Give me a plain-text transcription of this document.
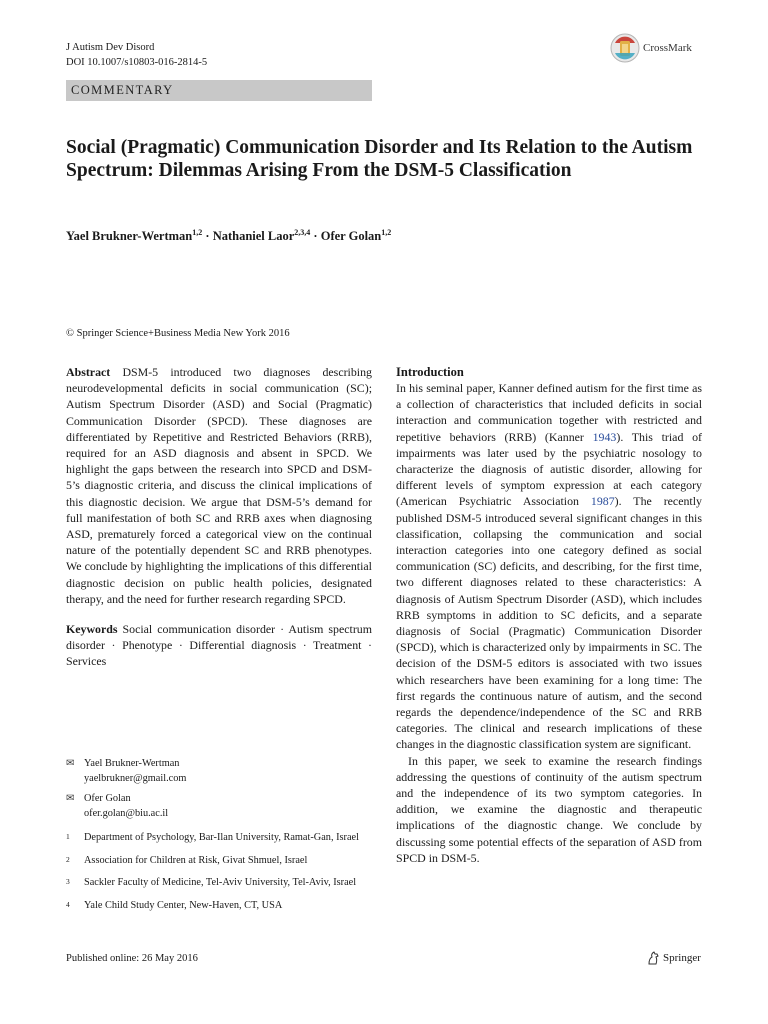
J Autism Dev Disord
DOI 10.1007/s10803-016-2814-5
CrossMark
COMMENTARY
Social (Pragmatic) Communication Disorder and Its Relation to the Autism Spectrum: Dilemmas Arising From the DSM-5 Classification
Yael Brukner-Wertman$^{1,2}$ · Nathaniel Laor$^{2,3,4}$ · Ofer Golan$^{1,2}$
© Springer Science+Business Media New York 2016

Abstract DSM-5 introduced two diagnoses describing neurodevelopmental deficits in social communication (SC); Autism Spectrum Disorder (ASD) and Social (Pragmatic) Communication Disorder (SPCD). These diagnoses are differentiated by Repetitive and Restricted Behaviors (RRB), required for an ASD diagnosis and absent in SPCD. We highlight the gaps between the research into SPCD and DSM-5’s diagnostic criteria, and discuss the clinical implications of this diagnostic decision. We argue that DSM-5’s demand for full manifestation of both SC and RRB axes when diagnosing ASD, prematurely forced a categorical view on the continual nature of the potentially dependent SC and RRB phenotypes. We conclude by highlighting the implications of this differential diagnostic decision on public health policies, designated therapy, and the need for further research regarding SPCD.

Keywords Social communication disorder · Autism spectrum disorder · Phenotype · Differential diagnosis · Treatment · Services

Introduction

In his seminal paper, Kanner defined autism for the first time as a collection of characteristics that included deficits in social interaction and communication together with restricted and repetitive behaviors (RRB) (Kanner 1943). This triad of impairments was later used by the psychiatric nosology to characterize the diagnosis of autistic disorder, allowing for different levels of symptom expression at each category (American Psychiatric Association 1987). The recently published DSM-5 introduced several significant changes in this classification, collapsing the communication and social interaction categories into one category defined as social communication (SC) deficits, and describing, for the first time, two different diagnoses related to these characteristics: A diagnosis of Autism Spectrum Disorder (ASD), which includes RRB symptoms in addition to SC deficits, and a separate diagnosis of Social (Pragmatic) Communication Disorder (SPCD), which is characterized only by impairments in SC. The decision of the DSM-5 editors is associated with two issues which researchers have been examining for a long time: The first regards the continuous nature of autism, and the second regards the dependence/independence of the SC and RRB categories. The clinical and research implications of these changes in the diagnostic classification system are significant.

In this paper, we seek to examine the research findings addressing the questions of continuity of the autism spectrum and the independence of its two symptom categories. In addition, we examine the diagnostic and therapeutic implications of the diagnostic change. We conclude by discussing some potential effects of the separation of ASD from SPCD in DSM-5.

✉ Yael Brukner-Wertman
yaelbrukner@gmail.com
✉ Ofer Golan
ofer.golan@biu.ac.il
1	Department of Psychology, Bar-Ilan University, Ramat-Gan, Israel
2	Association for Children at Risk, Givat Shmuel, Israel
3	Sackler Faculty of Medicine, Tel-Aviv University, Tel-Aviv, Israel
4	Yale Child Study Center, New-Haven, CT, USA
Published online: 26 May 2016	Springer
